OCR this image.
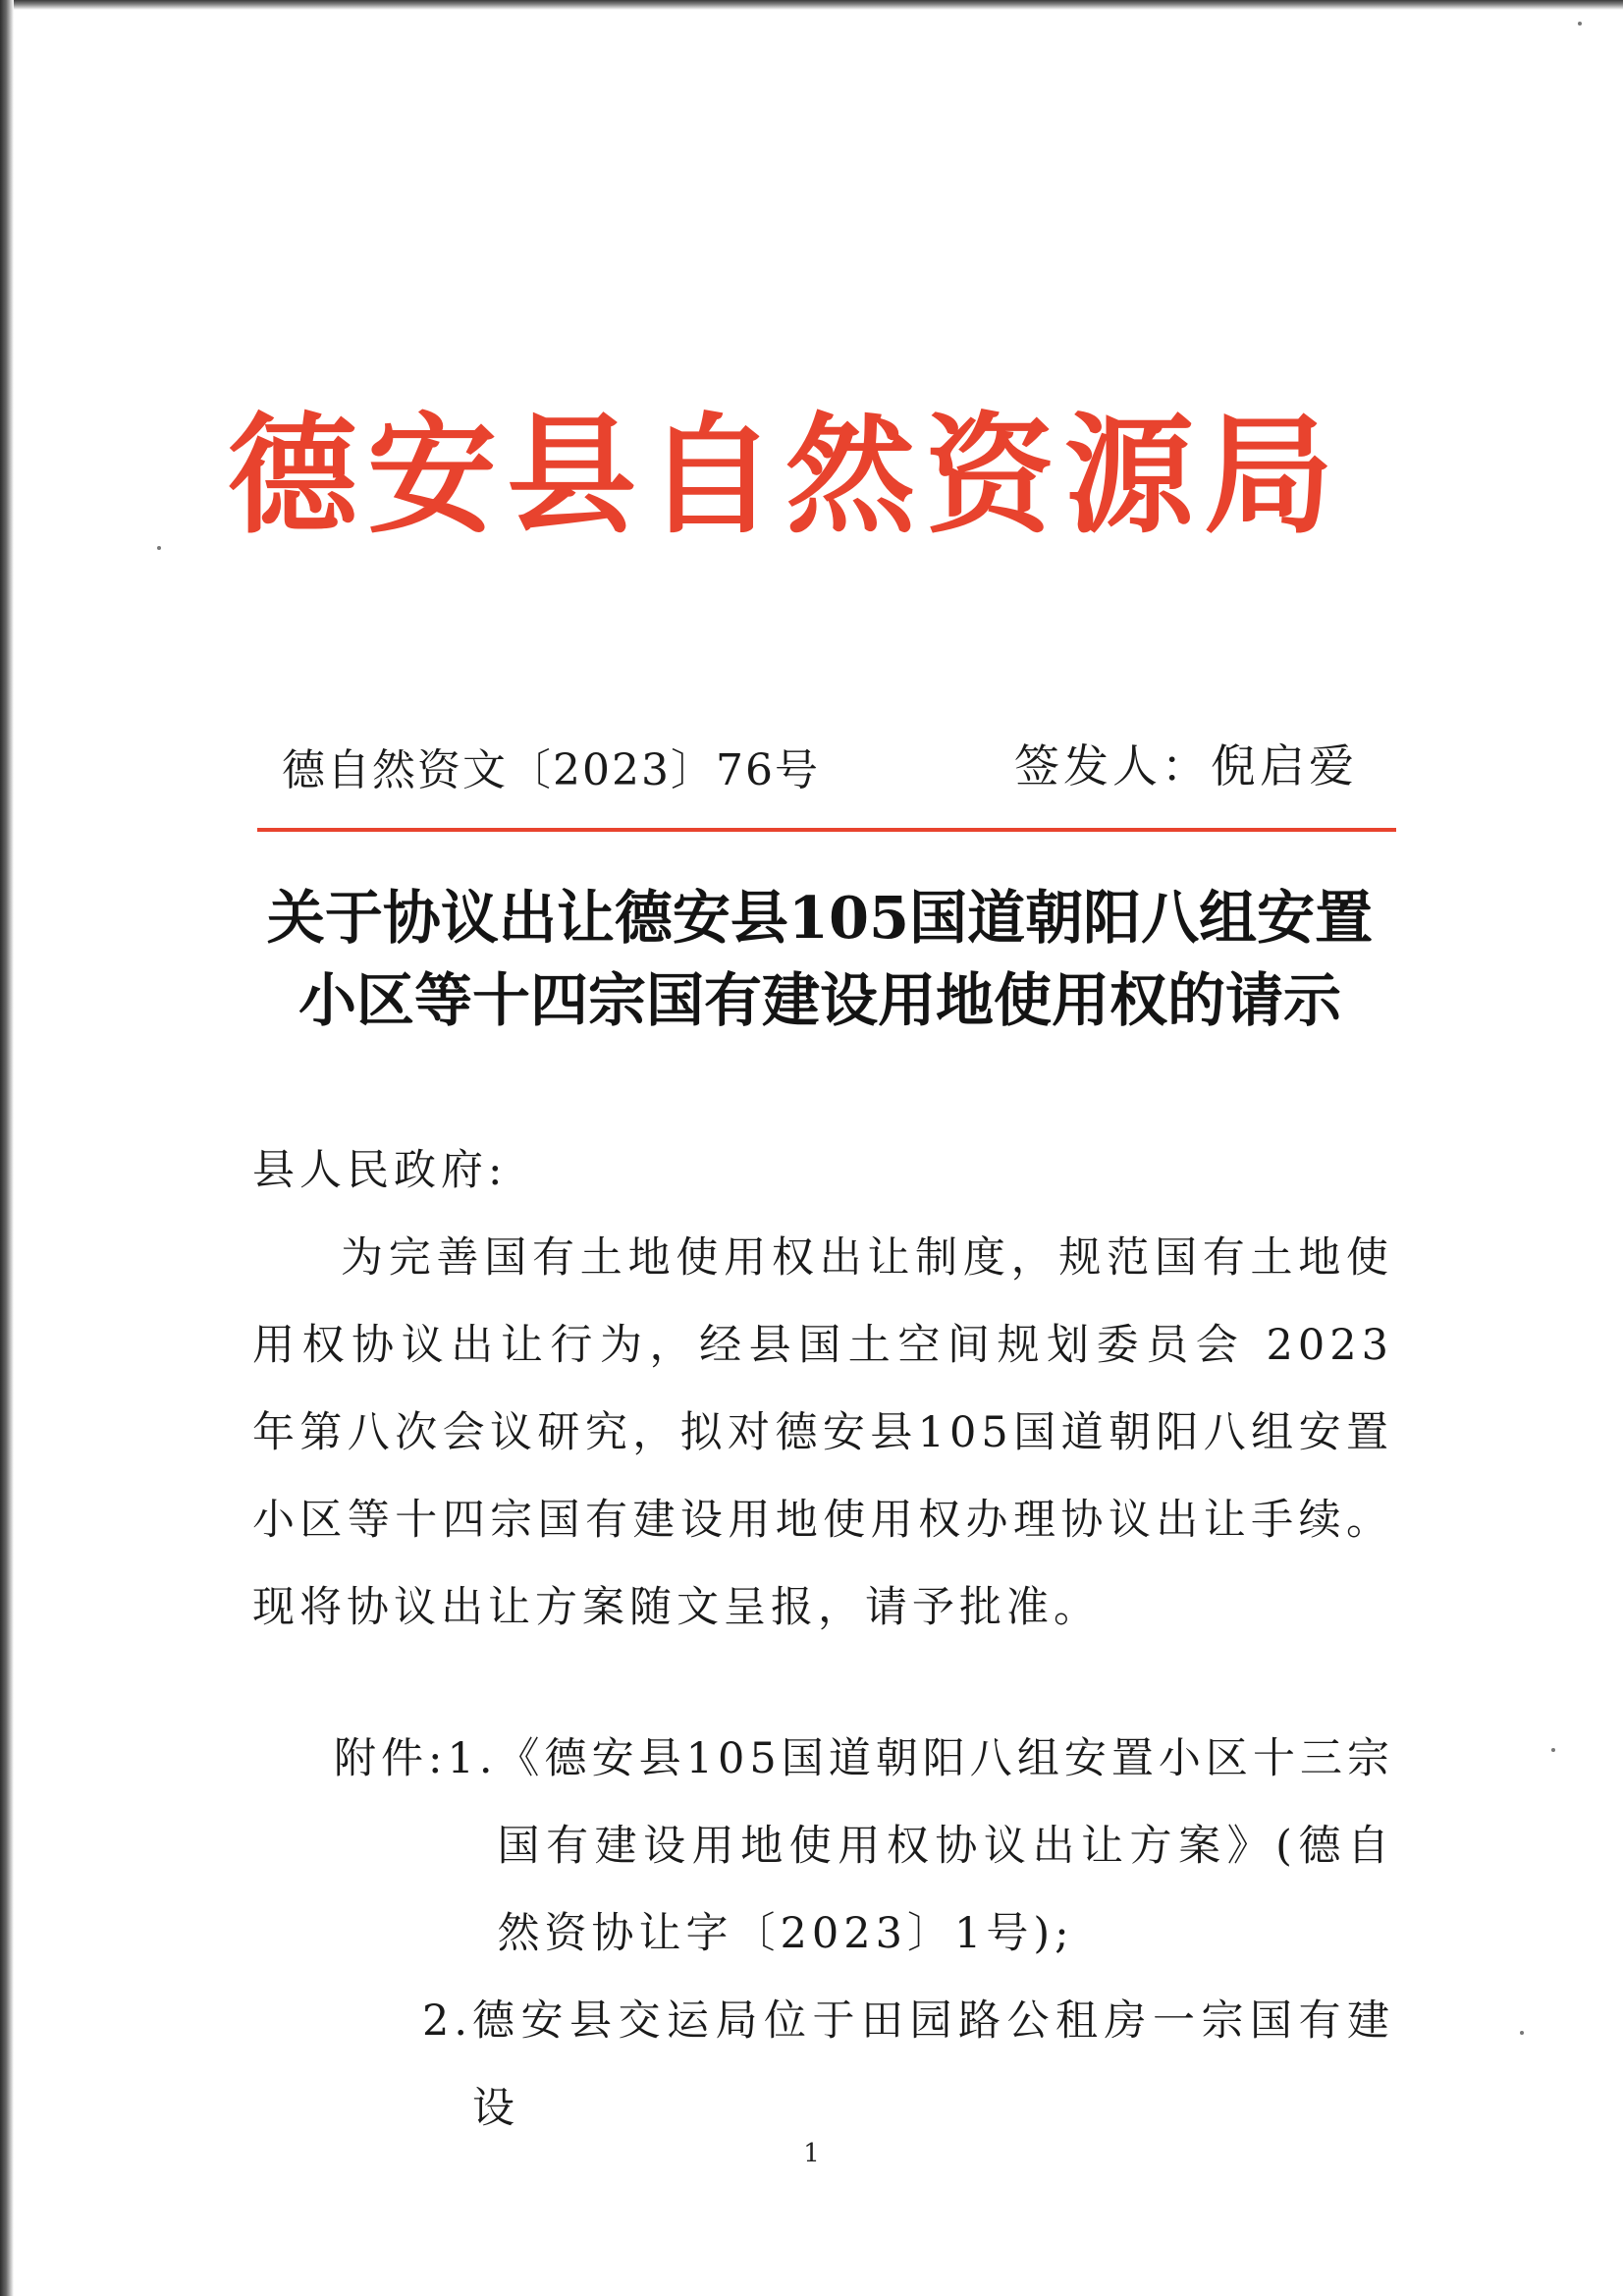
德安县自然资源局
德自然资文〔2023〕76号	签发人：倪启爱
关于协议出让德安县105国道朝阳八组安置
小区等十四宗国有建设用地使用权的请示
县人民政府:

为完善国有土地使用权出让制度，规范国有土地使用权协议出让行为，经县国土空间规划委员会 2023 年第八次会议研究，拟对德安县105国道朝阳八组安置小区等十四宗国有建设用地使用权办理协议出让手续。现将协议出让方案随文呈报，请予批准。

附件: 1. 《德安县105国道朝阳八组安置小区十三宗国有建设用地使用权协议出让方案》(德自然资协让字〔2023〕1号);
2. 德安县交运局位于田园路公租房一宗国有建设
1
